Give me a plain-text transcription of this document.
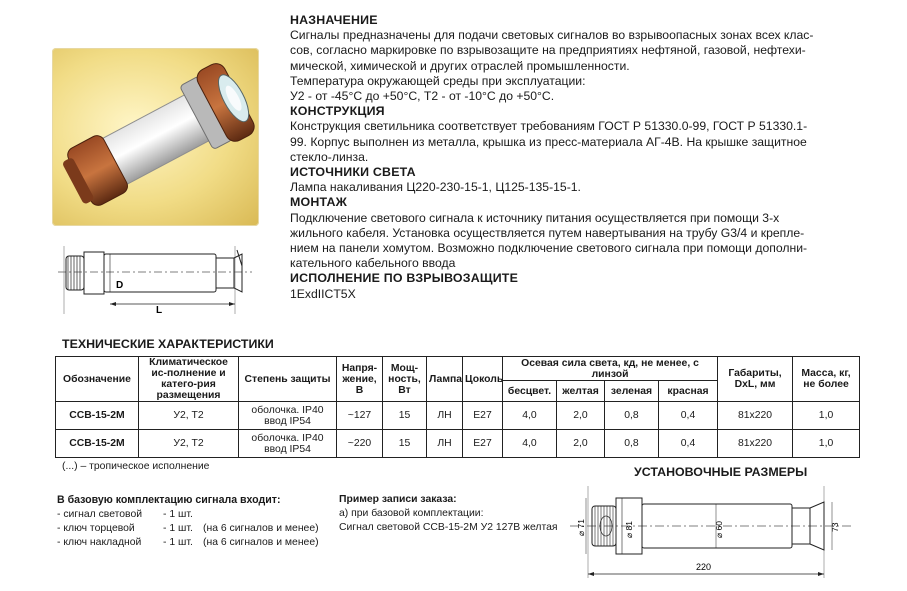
D
L
НАЗНАЧЕНИЕ

Сигналы предназначены для подачи световых сигналов во взрывоопасных зонах всех клас-

сов, согласно маркировке по взрывозащите на предприятиях нефтяной, газовой, нефтехи-

мической, химической и других отраслей промышленности.

Температура окружающей среды при эксплуатации:

У2 - от -45°С до +50°С, Т2 - от -10°С до +50°С.

КОНСТРУКЦИЯ

Конструкция светильника соответствует требованиям ГОСТ Р 51330.0-99, ГОСТ Р 51330.1-

99. Корпус выполнен из металла, крышка из пресс-материала АГ-4В. На крышке защитное

стекло-линза.

ИСТОЧНИКИ СВЕТА

Лампа накаливания Ц220-230-15-1, Ц125-135-15-1.

МОНТАЖ

Подключение светового сигнала к источнику питания осуществляется при помощи 3-х

жильного кабеля. Установка осуществляется путем навертывания на трубу G3/4 и крепле-

нием на панели хомутом. Возможно подключение светового сигнала при помощи дополни-

кательного кабельного ввода

ИСПОЛНЕНИЕ ПО ВЗРЫВОЗАЩИТЕ

1ExdIICT5X

ТЕХНИЧЕСКИЕ ХАРАКТЕРИСТИКИ
Обозначение	Климатическое ис-полнение и катего-рия размещения	Степень защиты	Напря-жение, В	Мощ-ность, Вт	Лампа	Цоколь	Осевая сила света, кд, не менее, с линзой				Габариты, DxL, мм	Масса, кг, не более
							бесцвет.	желтая	зеленая	красная		
ССВ-15-2М	У2, Т2	оболочка. IP40
ввод IP54	~127	15	ЛН	Е27	4,0	2,0	0,8	0,4	81х220	1,0
ССВ-15-2М	У2, Т2	оболочка. IP40
ввод IP54	~220	15	ЛН	Е27	4,0	2,0	0,8	0,4	81х220	1,0
(...) – тропическое исполнение
В базовую комплектацию сигнала входит:
- сигнал световой - 1 шт.
- ключ торцевой	- 1 шт. (на 6 сигналов и менее)
- ключ накладной - 1 шт. (на 6 сигналов и менее)
Пример записи заказа:
а) при базовой комплектации:
Сигнал световой ССВ-15-2М У2 127В желтая
УСТАНОВОЧНЫЕ РАЗМЕРЫ
⌀ 71	⌀ 81	⌀ 60	73
220
